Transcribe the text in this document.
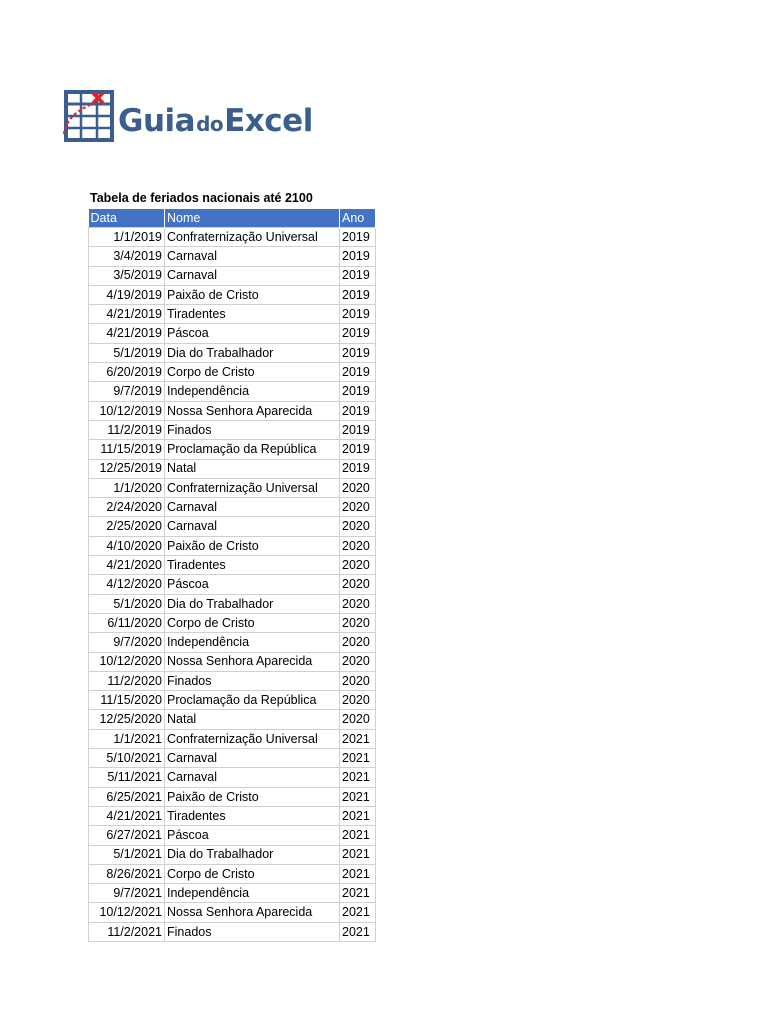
GuiadoExcel
Tabela de feriados nacionais até 2100
Data	Nome	Ano
1/1/2019	Confraternização Universal	2019
3/4/2019	Carnaval	2019
3/5/2019	Carnaval	2019
4/19/2019	Paixão de Cristo	2019
4/21/2019	Tiradentes	2019
4/21/2019	Páscoa	2019
5/1/2019	Dia do Trabalhador	2019
6/20/2019	Corpo de Cristo	2019
9/7/2019	Independência	2019
10/12/2019	Nossa Senhora Aparecida	2019
11/2/2019	Finados	2019
11/15/2019	Proclamação da República	2019
12/25/2019	Natal	2019
1/1/2020	Confraternização Universal	2020
2/24/2020	Carnaval	2020
2/25/2020	Carnaval	2020
4/10/2020	Paixão de Cristo	2020
4/21/2020	Tiradentes	2020
4/12/2020	Páscoa	2020
5/1/2020	Dia do Trabalhador	2020
6/11/2020	Corpo de Cristo	2020
9/7/2020	Independência	2020
10/12/2020	Nossa Senhora Aparecida	2020
11/2/2020	Finados	2020
11/15/2020	Proclamação da República	2020
12/25/2020	Natal	2020
1/1/2021	Confraternização Universal	2021
5/10/2021	Carnaval	2021
5/11/2021	Carnaval	2021
6/25/2021	Paixão de Cristo	2021
4/21/2021	Tiradentes	2021
6/27/2021	Páscoa	2021
5/1/2021	Dia do Trabalhador	2021
8/26/2021	Corpo de Cristo	2021
9/7/2021	Independência	2021
10/12/2021	Nossa Senhora Aparecida	2021
11/2/2021	Finados	2021
